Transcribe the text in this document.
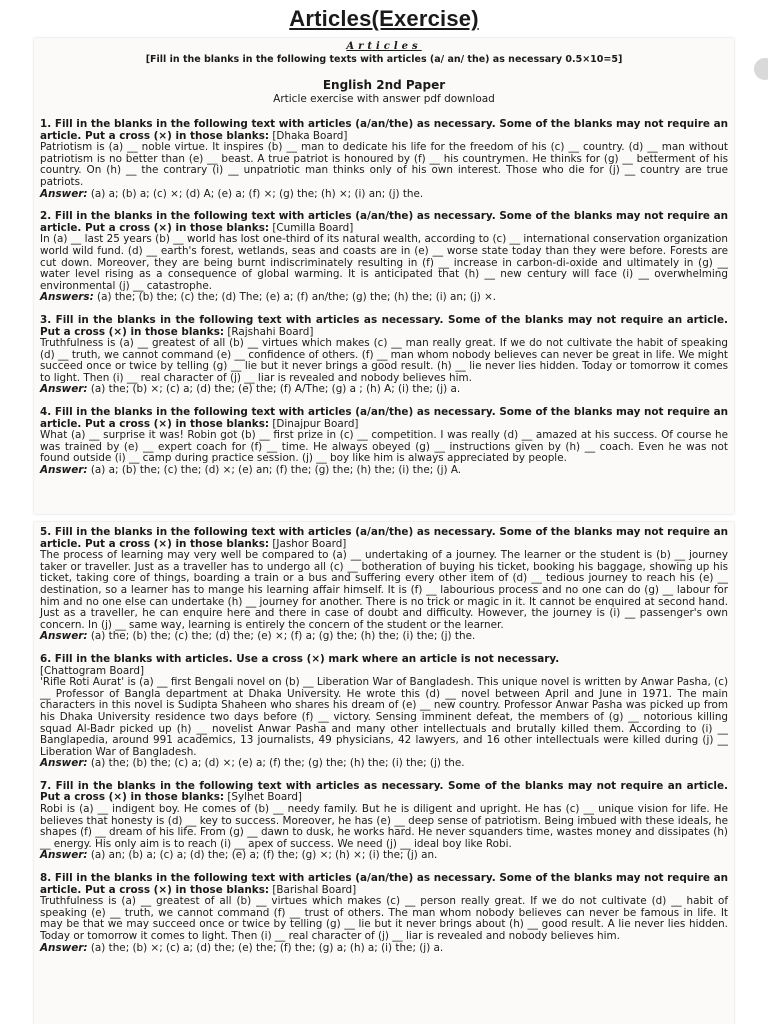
Articles(Exercise)
Articles
[Fill in the blanks in the following texts with articles (a/ an/ the) as necessary 0.5×10=5]
English 2nd Paper
Article exercise with answer pdf download
1. Fill in the blanks in the following text with articles (a/an/the) as necessary. Some of the blanks may not require an article. Put a cross (×) in those blanks: [Dhaka Board]
Patriotism is (a) __ noble virtue. It inspires (b) __ man to dedicate his life for the freedom of his (c) __ country. (d) __ man without patriotism is no better than (e) __ beast. A true patriot is honoured by (f) __ his countrymen. He thinks for (g) __ betterment of his country. On (h) __ the contrary (i) __ unpatriotic man thinks only of his own interest. Those who die for (j) __ country are true patriots.
Answer: (a) a; (b) a; (c) ×; (d) A; (e) a; (f) ×; (g) the; (h) ×; (i) an; (j) the.
2. Fill in the blanks in the following text with articles (a/an/the) as necessary. Some of the blanks may not require an article. Put a cross (×) in those blanks: [Cumilla Board]
In (a) __ last 25 years (b) __ world has lost one-third of its natural wealth, according to (c) __ international conservation organization world wild fund. (d) __ earth's forest, wetlands, seas and coasts are in (e) __ worse state today than they were before. Forests are cut down. Moreover, they are being burnt indiscriminately resulting in (f) __ increase in carbon-di-oxide and ultimately in (g) __ water level rising as a consequence of global warming. It is anticipated that (h) __ new century will face (i) __ overwhelming environmental (j) __ catastrophe.
Answers: (a) the; (b) the; (c) the; (d) The; (e) a; (f) an/the; (g) the; (h) the; (i) an; (j) ×.
3. Fill in the blanks in the following text with articles as necessary. Some of the blanks may not require an article. Put a cross (×) in those blanks: [Rajshahi Board]
Truthfulness is (a) __ greatest of all (b) __ virtues which makes (c) __ man really great. If we do not cultivate the habit of speaking (d) __ truth, we cannot command (e) __ confidence of others. (f) __ man whom nobody believes can never be great in life. We might succeed once or twice by telling (g) __ lie but it never brings a good result. (h) __ lie never lies hidden. Today or tomorrow it comes to light. Then (i) __ real character of (j) __ liar is revealed and nobody believes him.
Answer: (a) the; (b) ×; (c) a; (d) the; (e) the; (f) A/The; (g) a ; (h) A; (i) the; (j) a.
4. Fill in the blanks in the following text with articles (a/an/the) as necessary. Some of the blanks may not require an article. Put a cross (×) in those blanks: [Dinajpur Board]
What (a) __ surprise it was! Robin got (b) __ first prize in (c) __ competition. I was really (d) __ amazed at his success. Of course he was trained by (e) __ expert coach for (f) __ time. He always obeyed (g) __ instructions given by (h) __ coach. Even he was not found outside (i) __ camp during practice session. (j) __ boy like him is always appreciated by people.
Answer: (a) a; (b) the; (c) the; (d) ×; (e) an; (f) the; (g) the; (h) the; (i) the; (j) A.
5. Fill in the blanks in the following text with articles (a/an/the) as necessary. Some of the blanks may not require an article. Put a cross (×) in those blanks: [Jashor Board]
The process of learning may very well be compared to (a) __ undertaking of a journey. The learner or the student is (b) __ journey taker or traveller. Just as a traveller has to undergo all (c) __ botheration of buying his ticket, booking his baggage, showing up his ticket, taking core of things, boarding a train or a bus and suffering every other item of (d) __ tedious journey to reach his (e) __ destination, so a learner has to mange his learning affair himself. It is (f) __ labourious process and no one can do (g) __ labour for him and no one else can undertake (h) __ journey for another. There is no trick or magic in it. It cannot be enquired at second hand. Just as a traveller, he can enquire here and there in case of doubt and difficulty. However, the journey is (i) __ passenger's own concern. In (j) __ same way, learning is entirely the concern of the student or the learner.
Answer: (a) the; (b) the; (c) the; (d) the; (e) ×; (f) a; (g) the; (h) the; (i) the; (j) the.
6. Fill in the blanks with articles. Use a cross (×) mark where an article is not necessary.
[Chattogram Board]
'Rifle Roti Aurat' is (a) __ first Bengali novel on (b) __ Liberation War of Bangladesh. This unique novel is written by Anwar Pasha, (c) __ Professor of Bangla department at Dhaka University. He wrote this (d) __ novel between April and June in 1971. The main characters in this novel is Sudipta Shaheen who shares his dream of (e) __ new country. Professor Anwar Pasha was picked up from his Dhaka University residence two days before (f) __ victory. Sensing imminent defeat, the members of (g) __ notorious killing squad Al-Badr picked up (h) __ novelist Anwar Pasha and many other intellectuals and brutally killed them. According to (i) __ Banglapedia, around 991 academics, 13 journalists, 49 physicians, 42 lawyers, and 16 other intellectuals were killed during (j) __ Liberation War of Bangladesh.
Answer: (a) the; (b) the; (c) a; (d) ×; (e) a; (f) the; (g) the; (h) the; (i) the; (j) the.
7. Fill in the blanks in the following text with articles as necessary. Some of the blanks may not require an article. Put a cross (×) in those blanks: [Sylhet Board]
Robi is (a) __ indigent boy. He comes of (b) __ needy family. But he is diligent and upright. He has (c) __ unique vision for life. He believes that honesty is (d) __ key to success. Moreover, he has (e) __ deep sense of patriotism. Being imbued with these ideals, he shapes (f) __ dream of his life. From (g) __ dawn to dusk, he works hard. He never squanders time, wastes money and dissipates (h) __ energy. His only aim is to reach (i) __ apex of success. We need (j) __ ideal boy like Robi.
Answer: (a) an; (b) a; (c) a; (d) the; (e) a; (f) the; (g) ×; (h) ×; (i) the; (j) an.
8. Fill in the blanks in the following text with articles (a/an/the) as necessary. Some of the blanks may not require an article. Put a cross (×) in those blanks: [Barishal Board]
Truthfulness is (a) __ greatest of all (b) __ virtues which makes (c) __ person really great. If we do not cultivate (d) __ habit of speaking (e) __ truth, we cannot command (f) __ trust of others. The man whom nobody believes can never be famous in life. It may be that we may succeed once or twice by telling (g) __ lie but it never brings about (h) __ good result. A lie never lies hidden. Today or tomorrow it comes to light. Then (i) __ real character of (j) __ liar is revealed and nobody believes him.
Answer: (a) the; (b) ×; (c) a; (d) the; (e) the; (f) the; (g) a; (h) a; (i) the; (j) a.
